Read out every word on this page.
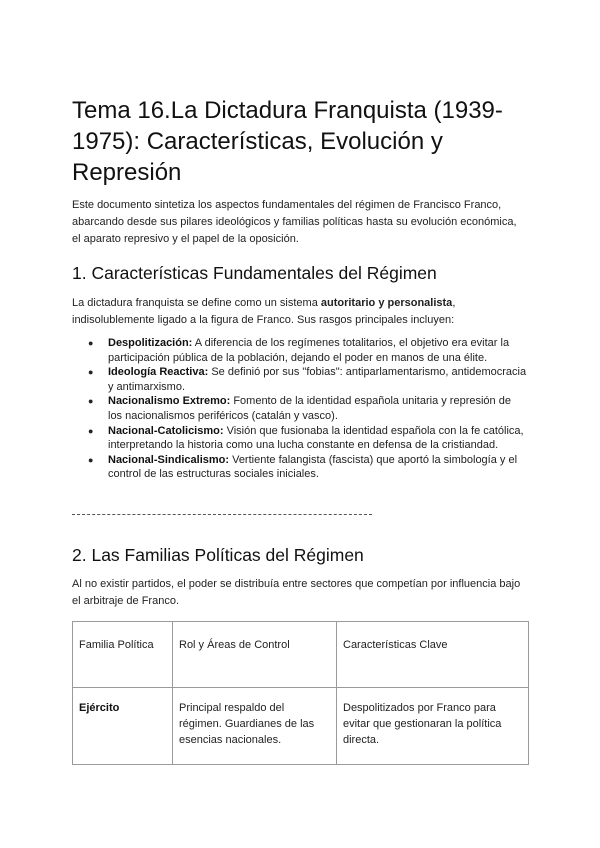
Tema 16.La Dictadura Franquista (1939-1975): Características, Evolución y Represión

Este documento sintetiza los aspectos fundamentales del régimen de Francisco Franco, abarcando desde sus pilares ideológicos y familias políticas hasta su evolución económica, el aparato represivo y el papel de la oposición.

1. Características Fundamentales del Régimen

La dictadura franquista se define como un sistema autoritario y personalista, indisolublemente ligado a la figura de Franco. Sus rasgos principales incluyen:

● Despolitización: A diferencia de los regímenes totalitarios, el objetivo era evitar la participación pública de la población, dejando el poder en manos de una élite.
● Ideología Reactiva: Se definió por sus "fobias": antiparlamentarismo, antidemocracia y antimarxismo.
● Nacionalismo Extremo: Fomento de la identidad española unitaria y represión de los nacionalismos periféricos (catalán y vasco).
● Nacional-Catolicismo: Visión que fusionaba la identidad española con la fe católica, interpretando la historia como una lucha constante en defensa de la cristiandad.
● Nacional-Sindicalismo: Vertiente falangista (fascista) que aportó la simbología y el control de las estructuras sociales iniciales.
2. Las Familias Políticas del Régimen

Al no existir partidos, el poder se distribuía entre sectores que competían por influencia bajo el arbitraje de Franco.

Familia Política	Rol y Áreas de Control	Características Clave
Ejército	Principal respaldo del régimen. Guardianes de las esencias nacionales.	Despolitizados por Franco para evitar que gestionaran la política directa.
